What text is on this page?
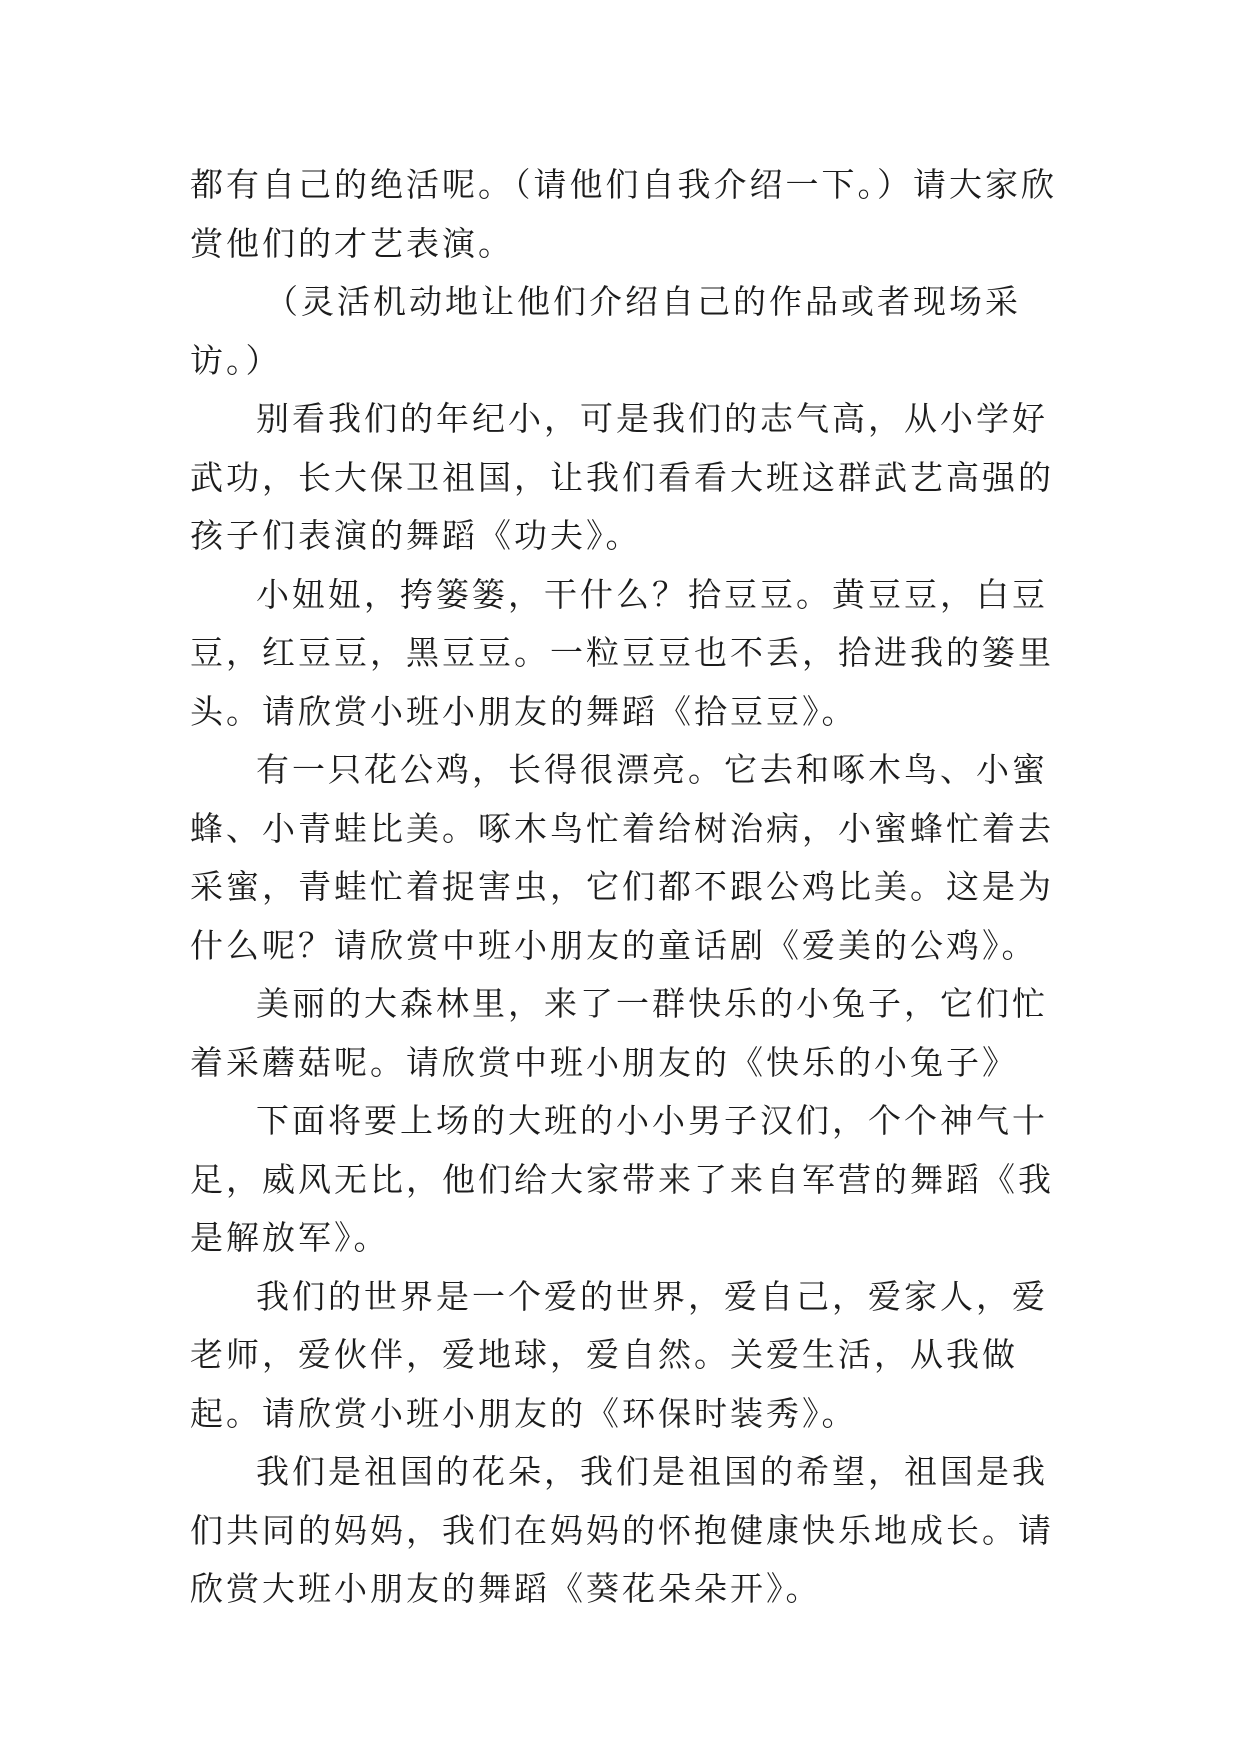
都有自己的绝活呢。（请他们自我介绍一下。）请大家欣赏他们的才艺表演。

（灵活机动地让他们介绍自己的作品或者现场采访。）

别看我们的年纪小，可是我们的志气高，从小学好武功，长大保卫祖国，让我们看看大班这群武艺高强的孩子们表演的舞蹈《功夫》。

小妞妞，挎篓篓，干什么？拾豆豆。黄豆豆，白豆豆，红豆豆，黑豆豆。一粒豆豆也不丢，拾进我的篓里头。请欣赏小班小朋友的舞蹈《拾豆豆》。

有一只花公鸡，长得很漂亮。它去和啄木鸟、小蜜蜂、小青蛙比美。啄木鸟忙着给树治病，小蜜蜂忙着去采蜜，青蛙忙着捉害虫，它们都不跟公鸡比美。这是为什么呢？请欣赏中班小朋友的童话剧《爱美的公鸡》。

美丽的大森林里，来了一群快乐的小兔子，它们忙着采蘑菇呢。请欣赏中班小朋友的《快乐的小兔子》

下面将要上场的大班的小小男子汉们，个个神气十足，威风无比，他们给大家带来了来自军营的舞蹈《我是解放军》。

我们的世界是一个爱的世界，爱自己，爱家人，爱老师，爱伙伴，爱地球，爱自然。关爱生活，从我做起。请欣赏小班小朋友的《环保时装秀》。

我们是祖国的花朵，我们是祖国的希望，祖国是我们共同的妈妈，我们在妈妈的怀抱健康快乐地成长。请欣赏大班小朋友的舞蹈《葵花朵朵开》。
